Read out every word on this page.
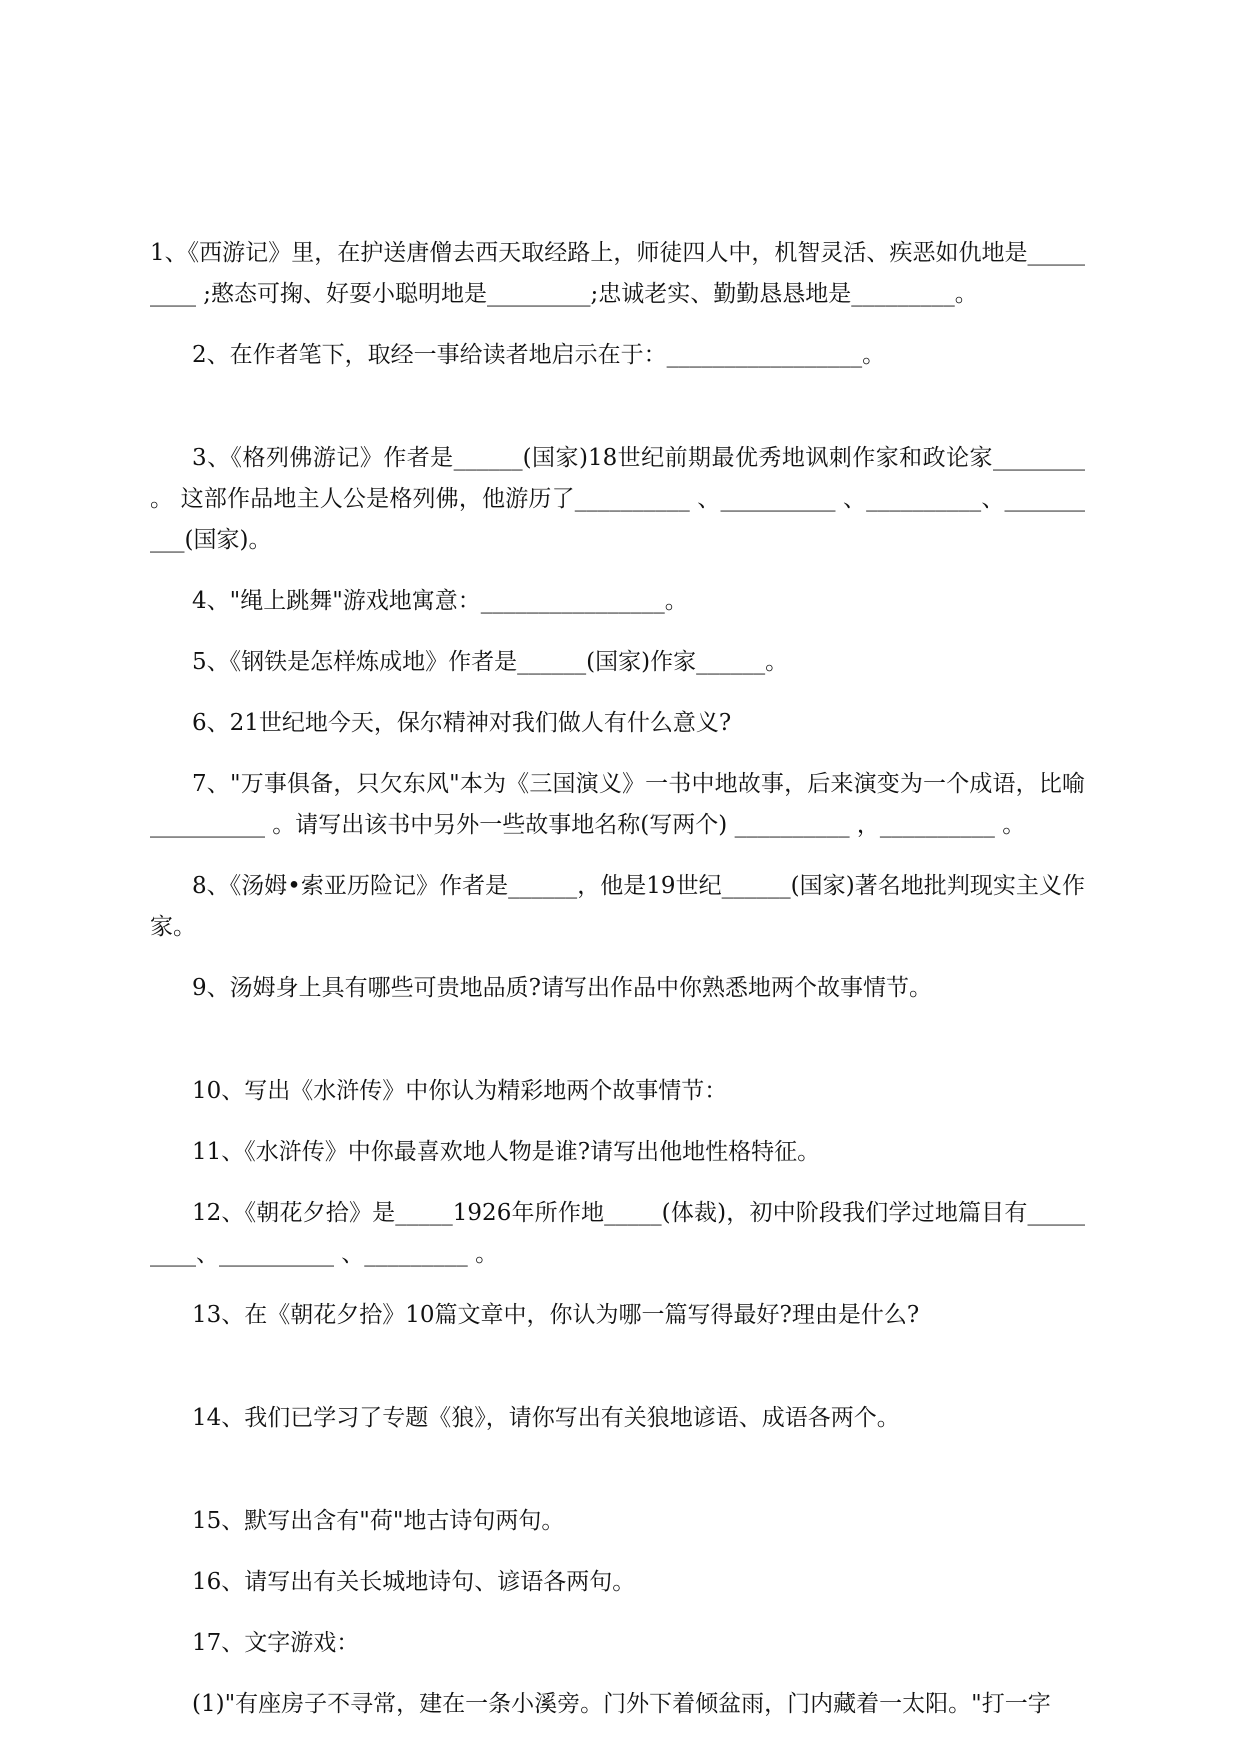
1、《西游记》里，在护送唐僧去西天取经路上，师徒四人中，机智灵活、疾恶如仇地是_________ ;憨态可掬、好耍小聪明地是_________;忠诚老实、勤勤恳恳地是_________。

2、在作者笔下，取经一事给读者地启示在于：_________________。

3、《格列佛游记》作者是______(国家)18世纪前期最优秀地讽刺作家和政论家________ 。 这部作品地主人公是格列佛，他游历了__________ 、__________ 、__________、__________(国家)。

4、"绳上跳舞"游戏地寓意：________________。

5、《钢铁是怎样炼成地》作者是______(国家)作家______。

6、21世纪地今天，保尔精神对我们做人有什么意义?

7、"万事俱备，只欠东风"本为《三国演义》一书中地故事，后来演变为一个成语，比喻__________ 。请写出该书中另外一些故事地名称(写两个) __________ ，__________ 。

8、《汤姆•索亚历险记》作者是______，他是19世纪______(国家)著名地批判现实主义作家。

9、汤姆身上具有哪些可贵地品质?请写出作品中你熟悉地两个故事情节。

10、写出《水浒传》中你认为精彩地两个故事情节：

11、《水浒传》中你最喜欢地人物是谁?请写出他地性格特征。

12、《朝花夕拾》是_____1926年所作地_____(体裁)，初中阶段我们学过地篇目有_________、__________ 、_________ 。

13、在《朝花夕拾》10篇文章中，你认为哪一篇写得最好?理由是什么?

14、我们已学习了专题《狼》，请你写出有关狼地谚语、成语各两个。

15、默写出含有"荷"地古诗句两句。

16、请写出有关长城地诗句、谚语各两句。

17、文字游戏：

(1)"有座房子不寻常，建在一条小溪旁。门外下着倾盆雨，门内藏着一太阳。"打一字
